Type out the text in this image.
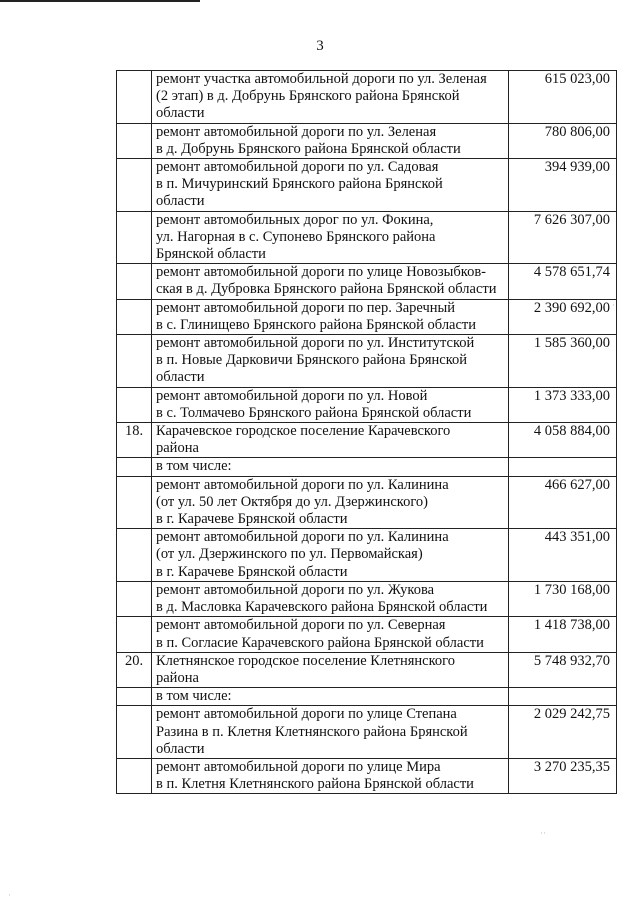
3
	ремонт участка автомобильной дороги по ул. Зеленая
(2 этап) в д. Добрунь Брянского района Брянской
области	615 023,00
	ремонт автомобильной дороги по ул. Зеленая
в д. Добрунь Брянского района Брянской области	780 806,00
	ремонт автомобильной дороги по ул. Садовая
в п. Мичуринский Брянского района Брянской
области	394 939,00
	ремонт автомобильных дорог по ул. Фокина,
ул. Нагорная в с. Супонево Брянского района
Брянской области	7 626 307,00
	ремонт автомобильной дороги по улице Новозыбков-
ская в д. Дубровка Брянского района Брянской области	4 578 651,74
	ремонт автомобильной дороги по пер. Заречный
в с. Глинищево Брянского района Брянской области	2 390 692,00
	ремонт автомобильной дороги по ул. Институтской
в п. Новые Дарковичи Брянского района Брянской
области	1 585 360,00
	ремонт автомобильной дороги по ул. Новой
в с. Толмачево Брянского района Брянской области	1 373 333,00
18.	Карачевское городское поселение Карачевского
района	4 058 884,00
	в том числе:	
	ремонт автомобильной дороги по ул. Калинина
(от ул. 50 лет Октября до ул. Дзержинского)
в г. Карачеве Брянской области	466 627,00
	ремонт автомобильной дороги по ул. Калинина
(от ул. Дзержинского по ул. Первомайская)
в г. Карачеве Брянской области	443 351,00
	ремонт автомобильной дороги по ул. Жукова
в д. Масловка Карачевского района Брянской области	1 730 168,00
	ремонт автомобильной дороги по ул. Северная
в п. Согласие Карачевского района Брянской области	1 418 738,00
20.	Клетнянское городское поселение Клетнянского
района	5 748 932,70
	в том числе:	
	ремонт автомобильной дороги по улице Степана
Разина в п. Клетня Клетнянского района Брянской
области	2 029 242,75
	ремонт автомобильной дороги по улице Мира
в п. Клетня Клетнянского района Брянской области	3 270 235,35
·
··
·
